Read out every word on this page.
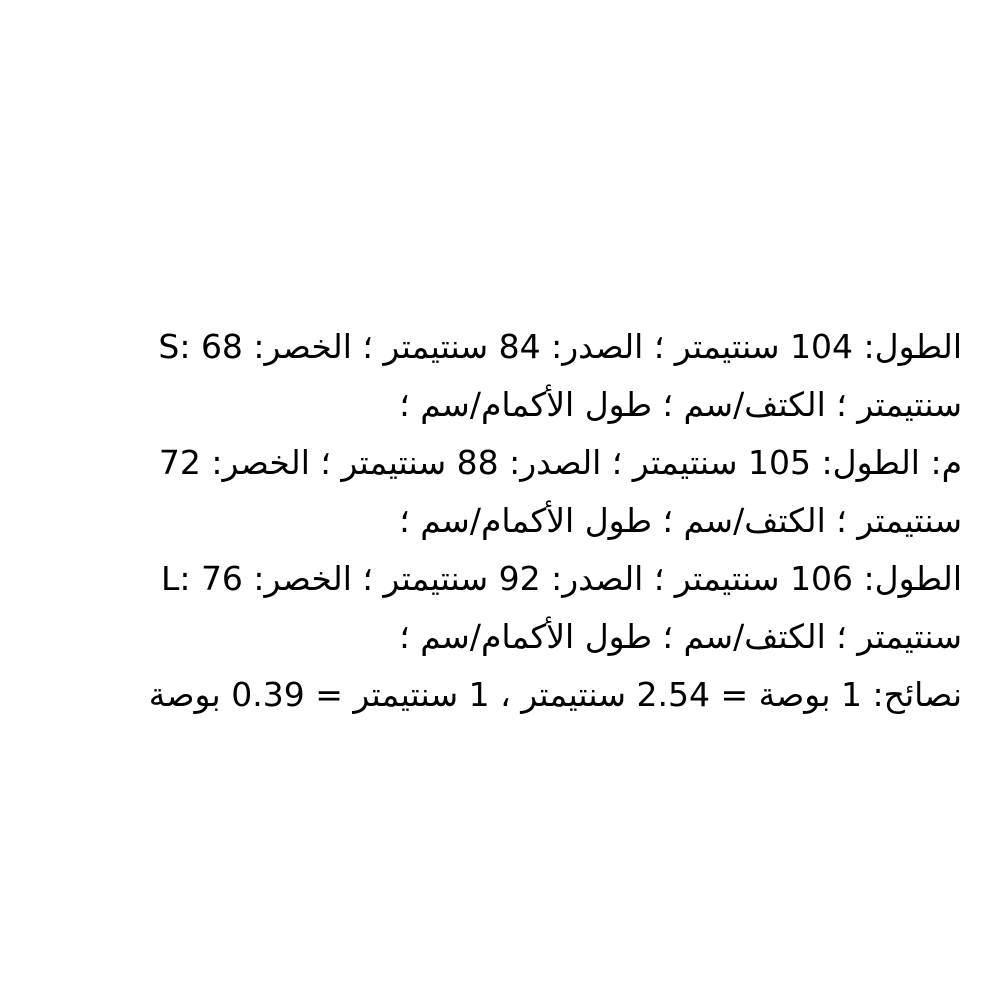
الطول: 104 سنتيمتر ؛ الصدر: 84 سنتيمتر ؛ الخصر: 68 :S
سنتيمتر ؛ الكتف/سم ؛ طول الأكمام/سم ؛
م: الطول: 105 سنتيمتر ؛ الصدر: 88 سنتيمتر ؛ الخصر: 72
سنتيمتر ؛ الكتف/سم ؛ طول الأكمام/سم ؛
الطول: 106 سنتيمتر ؛ الصدر: 92 سنتيمتر ؛ الخصر: 76 :L
سنتيمتر ؛ الكتف/سم ؛ طول الأكمام/سم ؛
نصائح: 1 بوصة = 2.54 سنتيمتر ، 1 سنتيمتر = 0.39 بوصة
